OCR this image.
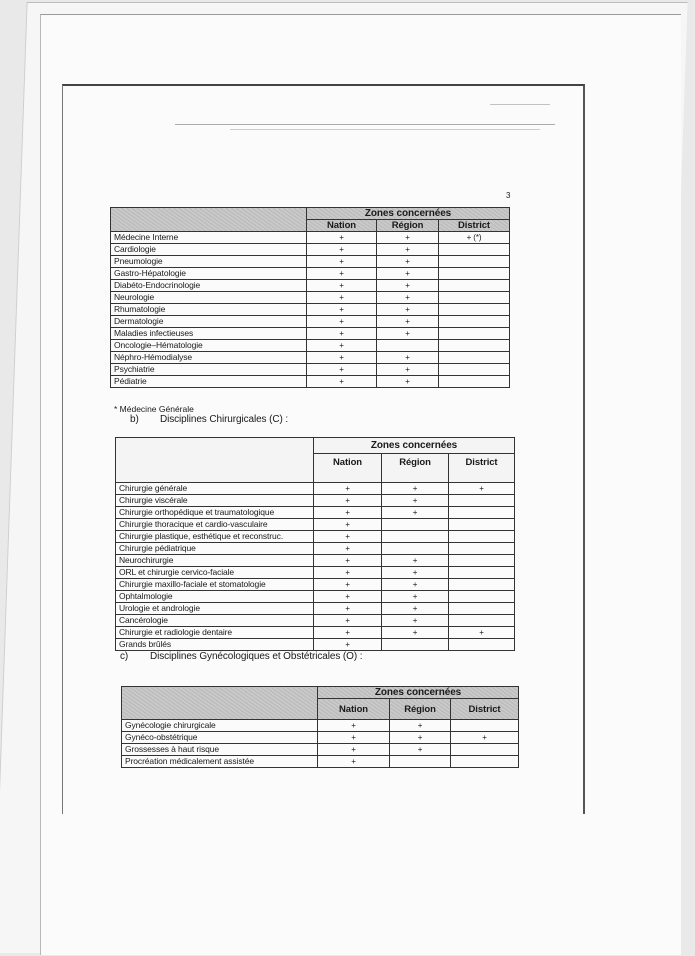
3
	Zones concernées		
	Nation	Région	District
Médecine Interne	+	+	+ (*)
Cardiologie	+	+	
Pneumologie	+	+	
Gastro-Hépatologie	+	+	
Diabéto-Endocrinologie	+	+	
Neurologie	+	+	
Rhumatologie	+	+	
Dermatologie	+	+	
Maladies infectieuses	+	+	
Oncologie–Hématologie	+		
Néphro-Hémodialyse	+	+	
Psychiatrie	+	+	
Pédiatrie	+	+	
* Médecine Générale
b) Disciplines Chirurgicales (C) :
	Zones concernées		
	Nation	Région	District
Chirurgie générale	+	+	+
Chirurgie viscérale	+	+	
Chirurgie orthopédique et traumatologique	+	+	
Chirurgie thoracique et cardio-vasculaire	+		
Chirurgie plastique, esthétique et reconstruc.	+		
Chirurgie pédiatrique	+		
Neurochirurgie	+	+	
ORL et chirurgie cervico-faciale	+	+	
Chirurgie maxillo-faciale et stomatologie	+	+	
Ophtalmologie	+	+	
Urologie et andrologie	+	+	
Cancérologie	+	+	
Chirurgie et radiologie dentaire	+	+	+
Grands brûlés	+		
c) Disciplines Gynécologiques et Obstétricales (O) :
	Zones concernées		
	Nation	Région	District
Gynécologie chirurgicale	+	+	
Gynéco-obstétrique	+	+	+
Grossesses à haut risque	+	+	
Procréation médicalement assistée	+		
